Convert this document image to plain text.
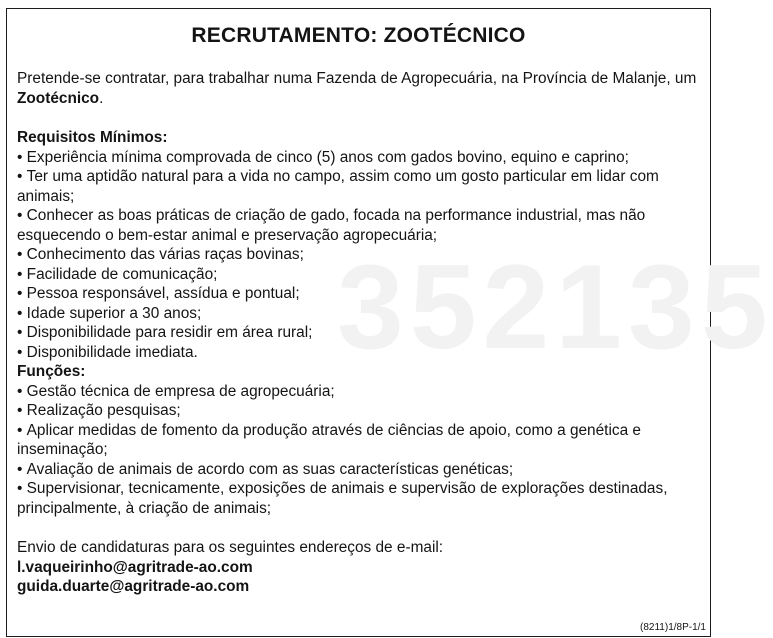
352135
RECRUTAMENTO: ZOOTÉCNICO

Pretende-se contratar, para trabalhar numa Fazenda de Agropecuária, na Província de Malanje, um Zootécnico.

Requisitos Mínimos:

• Experiência mínima comprovada de cinco (5) anos com gados bovino, equino e caprino;
• Ter uma aptidão natural para a vida no campo, assim como um gosto particular em lidar com animais;
• Conhecer as boas práticas de criação de gado, focada na performance industrial, mas não esquecendo o bem-estar animal e preservação agropecuária;
• Conhecimento das várias raças bovinas;
• Facilidade de comunicação;
• Pessoa responsável, assídua e pontual;
• Idade superior a 30 anos;
• Disponibilidade para residir em área rural;
• Disponibilidade imediata.

Funções:

• Gestão técnica de empresa de agropecuária;
• Realização pesquisas;
• Aplicar medidas de fomento da produção através de ciências de apoio, como a genética e inseminação;
• Avaliação de animais de acordo com as suas características genéticas;
• Supervisionar, tecnicamente, exposições de animais e supervisão de explorações destinadas, principalmente, à criação de animais;

Envio de candidaturas para os seguintes endereços de e-mail:

l.vaqueirinho@agritrade-ao.com

guida.duarte@agritrade-ao.com

(8211)1/8P-1/1
